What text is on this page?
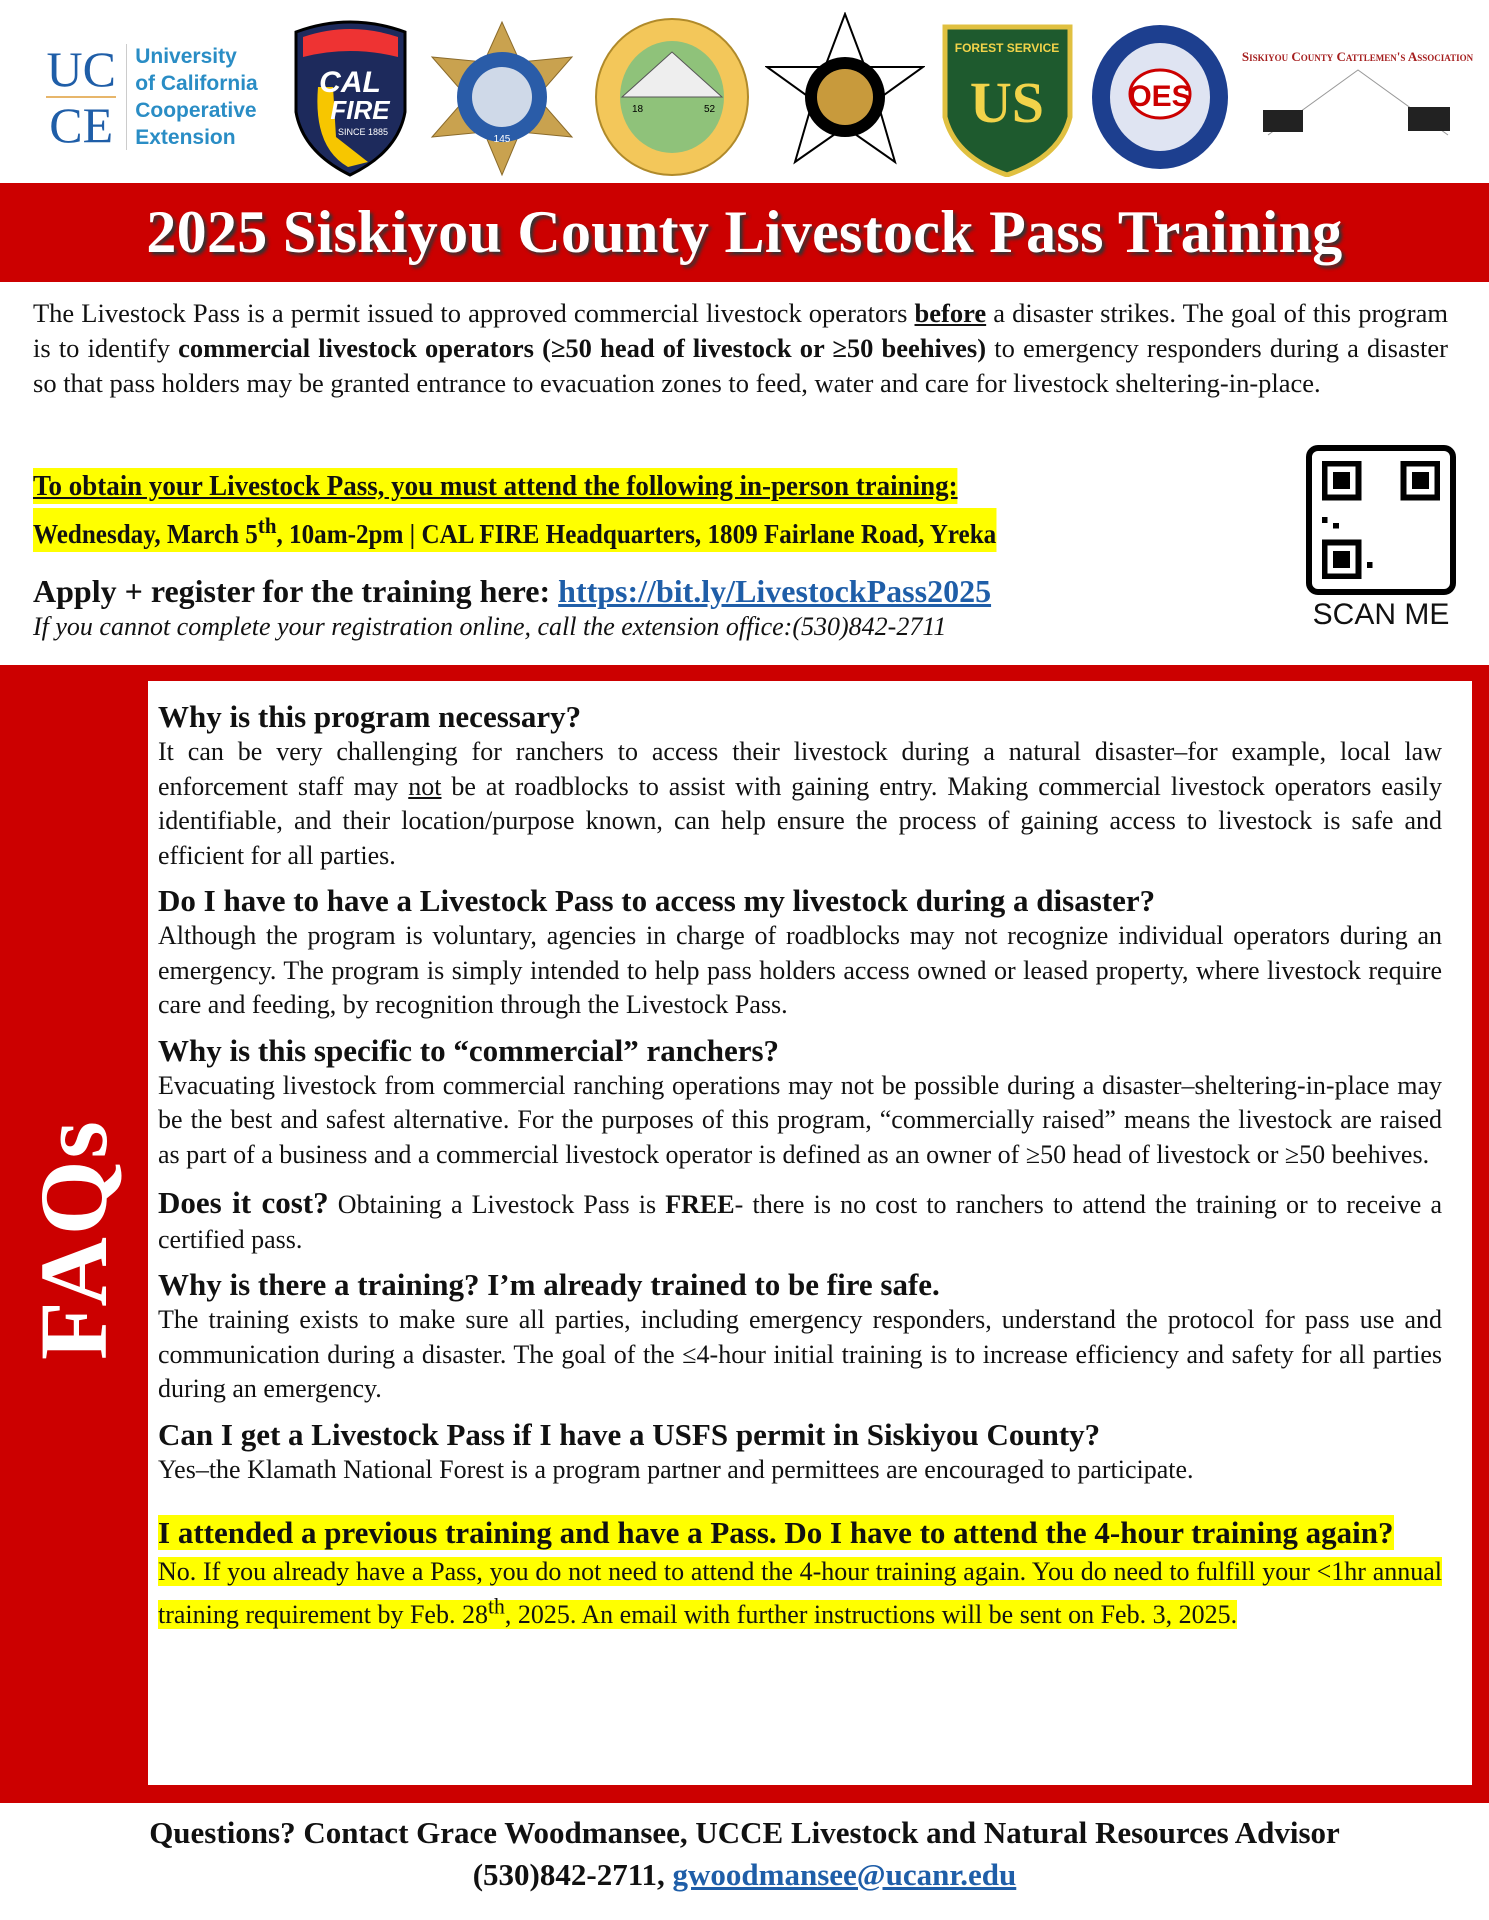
UC
CE
University
of California
Cooperative
Extension
CAL
FIRE
SINCE 1885
145
18	52
FOREST SERVICE
US	OES
Siskiyou County Cattlemen's Association
2025 Siskiyou County Livestock Pass Training

The Livestock Pass is a permit issued to approved commercial livestock operators before a disaster strikes. The goal of this program is to identify commercial livestock operators (≥50 head of livestock or ≥50 beehives) to emergency responders during a disaster so that pass holders may be granted entrance to evacuation zones to feed, water and care for livestock sheltering-in-place.

To obtain your Livestock Pass, you must attend the following in-person training:
Wednesday, March 5th, 10am-2pm | CAL FIRE Headquarters, 1809 Fairlane Road, Yreka
Apply + register for the training here: https://bit.ly/LivestockPass2025
If you cannot complete your registration online, call the extension office:(530)842-2711	SCAN ME
FAQs
Why is this program necessary?

It can be very challenging for ranchers to access their livestock during a natural disaster–for example, local law enforcement staff may not be at roadblocks to assist with gaining entry. Making commercial livestock operators easily identifiable, and their location/purpose known, can help ensure the process of gaining access to livestock is safe and efficient for all parties.

Do I have to have a Livestock Pass to access my livestock during a disaster?

Although the program is voluntary, agencies in charge of roadblocks may not recognize individual operators during an emergency. The program is simply intended to help pass holders access owned or leased property, where livestock require care and feeding, by recognition through the Livestock Pass.

Why is this specific to “commercial” ranchers?

Evacuating livestock from commercial ranching operations may not be possible during a disaster–sheltering-in-place may be the best and safest alternative. For the purposes of this program, “commercially raised” means the livestock are raised as part of a business and a commercial livestock operator is defined as an owner of ≥50 head of livestock or ≥50 beehives.

Does it cost? Obtaining a Livestock Pass is FREE- there is no cost to ranchers to attend the training or to receive a certified pass.

Why is there a training? I’m already trained to be fire safe.

The training exists to make sure all parties, including emergency responders, understand the protocol for pass use and communication during a disaster. The goal of the ≤4-hour initial training is to increase efficiency and safety for all parties during an emergency.

Can I get a Livestock Pass if I have a USFS permit in Siskiyou County?

Yes–the Klamath National Forest is a program partner and permittees are encouraged to participate.

I attended a previous training and have a Pass. Do I have to attend the 4-hour training again?

No. If you already have a Pass, you do not need to attend the 4-hour training again. You do need to fulfill your <1hr annual training requirement by Feb. 28th, 2025. An email with further instructions will be sent on Feb. 3, 2025.

Questions? Contact Grace Woodmansee, UCCE Livestock and Natural Resources Advisor
(530)842-2711, gwoodmansee@ucanr.edu
